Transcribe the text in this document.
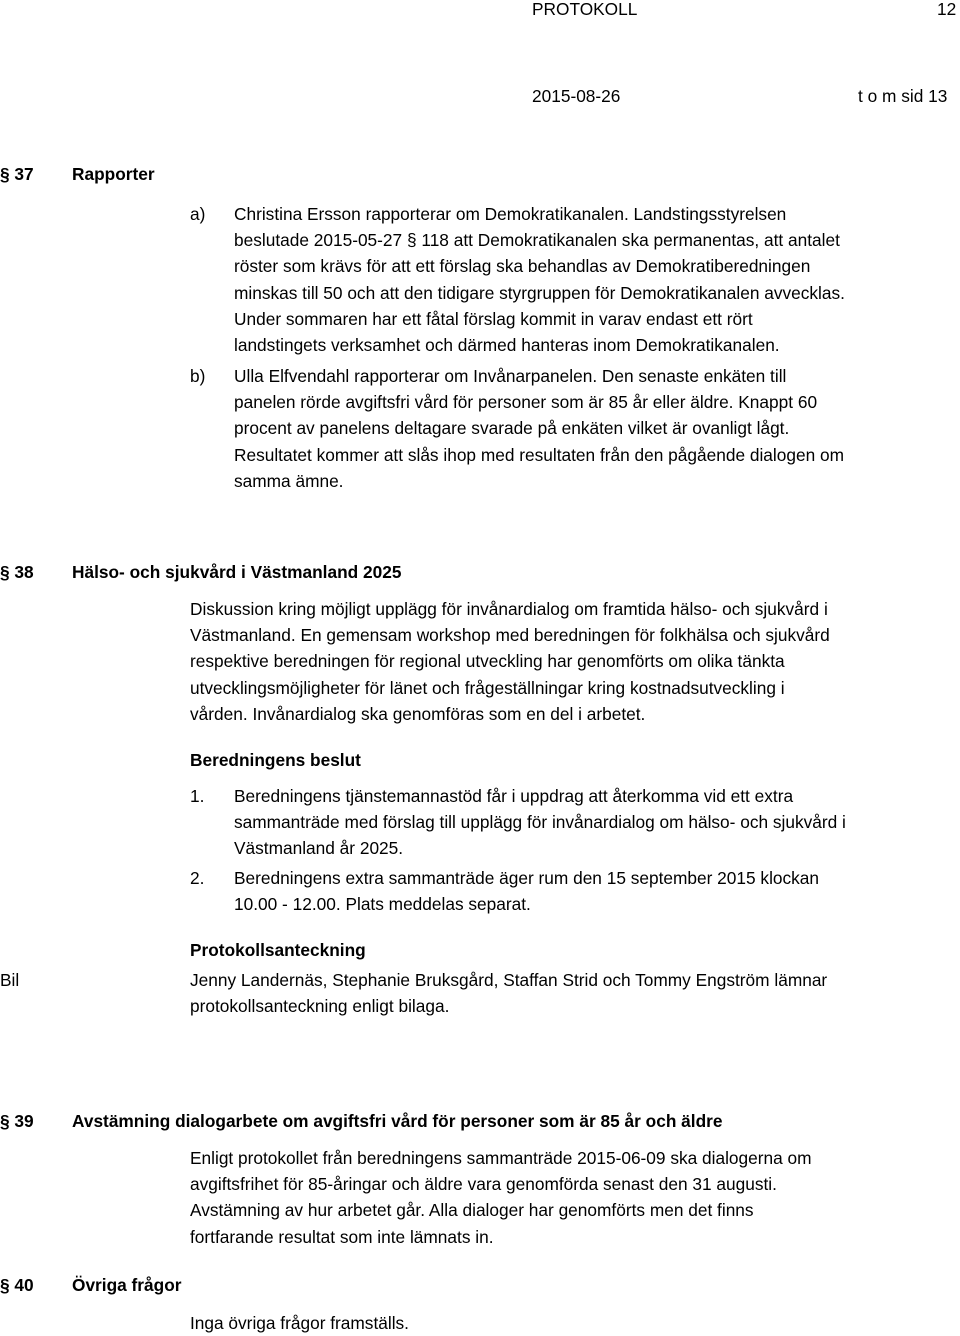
PROTOKOLL	12
2015-08-26	t o m sid 13
§ 37 Rapporter
a) Christina Ersson rapporterar om Demokratikanalen. Landstingsstyrelsen
beslutade 2015-05-27 § 118 att Demokratikanalen ska permanentas, att antalet
röster som krävs för att ett förslag ska behandlas av Demokratiberedningen
minskas till 50 och att den tidigare styrgruppen för Demokratikanalen avvecklas.
Under sommaren har ett fåtal förslag kommit in varav endast ett rört
landstingets verksamhet och därmed hanteras inom Demokratikanalen.
b) Ulla Elfvendahl rapporterar om Invånarpanelen. Den senaste enkäten till
panelen rörde avgiftsfri vård för personer som är 85 år eller äldre. Knappt 60
procent av panelens deltagare svarade på enkäten vilket är ovanligt lågt.
Resultatet kommer att slås ihop med resultaten från den pågående dialogen om
samma ämne.
§ 38 Hälso- och sjukvård i Västmanland 2025
Diskussion kring möjligt upplägg för invånardialog om framtida hälso- och sjukvård i
Västmanland. En gemensam workshop med beredningen för folkhälsa och sjukvård
respektive beredningen för regional utveckling har genomförts om olika tänkta
utvecklingsmöjligheter för länet och frågeställningar kring kostnadsutveckling i
vården. Invånardialog ska genomföras som en del i arbetet.
Beredningens beslut
1. Beredningens tjänstemannastöd får i uppdrag att återkomma vid ett extra
sammanträde med förslag till upplägg för invånardialog om hälso- och sjukvård i
Västmanland år 2025.
2. Beredningens extra sammanträde äger rum den 15 september 2015 klockan
10.00 - 12.00. Plats meddelas separat.
Protokollsanteckning
Bil	Jenny Landernäs, Stephanie Bruksgård, Staffan Strid och Tommy Engström lämnar
protokollsanteckning enligt bilaga.
§ 39 Avstämning dialogarbete om avgiftsfri vård för personer som är 85 år och äldre
Enligt protokollet från beredningens sammanträde 2015-06-09 ska dialogerna om
avgiftsfrihet för 85-åringar och äldre vara genomförda senast den 31 augusti.
Avstämning av hur arbetet går. Alla dialoger har genomförts men det finns
fortfarande resultat som inte lämnats in.
§ 40 Övriga frågor
Inga övriga frågor framställs.
